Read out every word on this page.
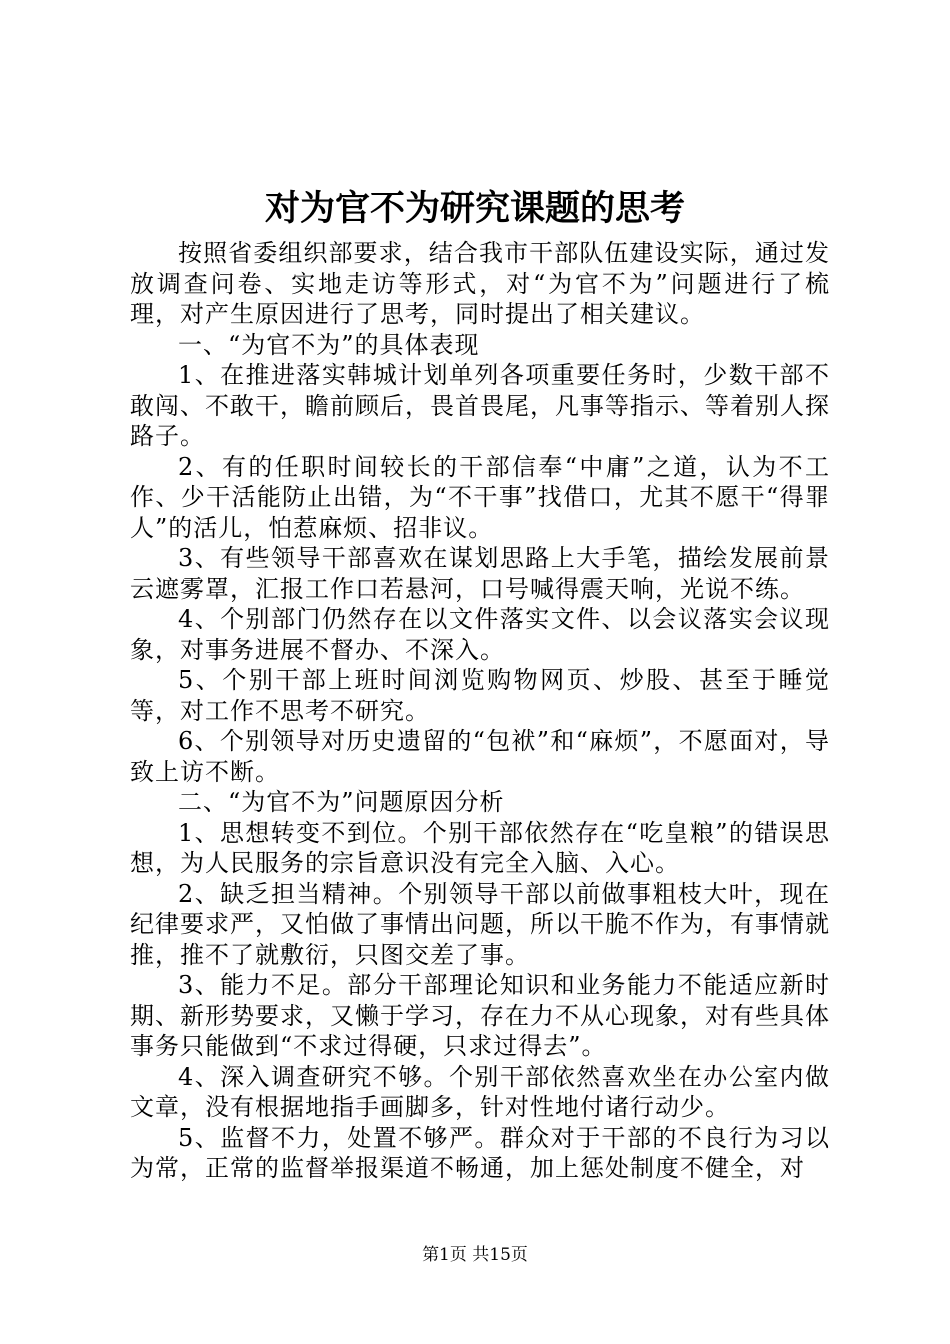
对为官不为研究课题的思考

按照省委组织部要求，结合我市干部队伍建设实际，通过发放调查问卷、实地走访等形式，对“为官不为”问题进行了梳理，对产生原因进行了思考，同时提出了相关建议。

一、“为官不为”的具体表现

1、在推进落实韩城计划单列各项重要任务时，少数干部不敢闯、不敢干，瞻前顾后，畏首畏尾，凡事等指示、等着别人探路子。

2、有的任职时间较长的干部信奉“中庸”之道，认为不工作、少干活能防止出错，为“不干事”找借口，尤其不愿干“得罪人”的活儿，怕惹麻烦、招非议。

3、有些领导干部喜欢在谋划思路上大手笔，描绘发展前景云遮雾罩，汇报工作口若悬河，口号喊得震天响，光说不练。

4、个别部门仍然存在以文件落实文件、以会议落实会议现象，对事务进展不督办、不深入。

5、个别干部上班时间浏览购物网页、炒股、甚至于睡觉等，对工作不思考不研究。

6、个别领导对历史遗留的“包袱”和“麻烦”，不愿面对，导致上访不断。

二、“为官不为”问题原因分析

1、思想转变不到位。个别干部依然存在“吃皇粮”的错误思想，为人民服务的宗旨意识没有完全入脑、入心。

2、缺乏担当精神。个别领导干部以前做事粗枝大叶，现在纪律要求严，又怕做了事情出问题，所以干脆不作为，有事情就推，推不了就敷衍，只图交差了事。

3、能力不足。部分干部理论知识和业务能力不能适应新时期、新形势要求，又懒于学习，存在力不从心现象，对有些具体事务只能做到“不求过得硬，只求过得去”。

4、深入调查研究不够。个别干部依然喜欢坐在办公室内做文章，没有根据地指手画脚多，针对性地付诸行动少。

5、监督不力，处置不够严。群众对于干部的不良行为习以为常，正常的监督举报渠道不畅通，加上惩处制度不健全，对

第1页 共15页
